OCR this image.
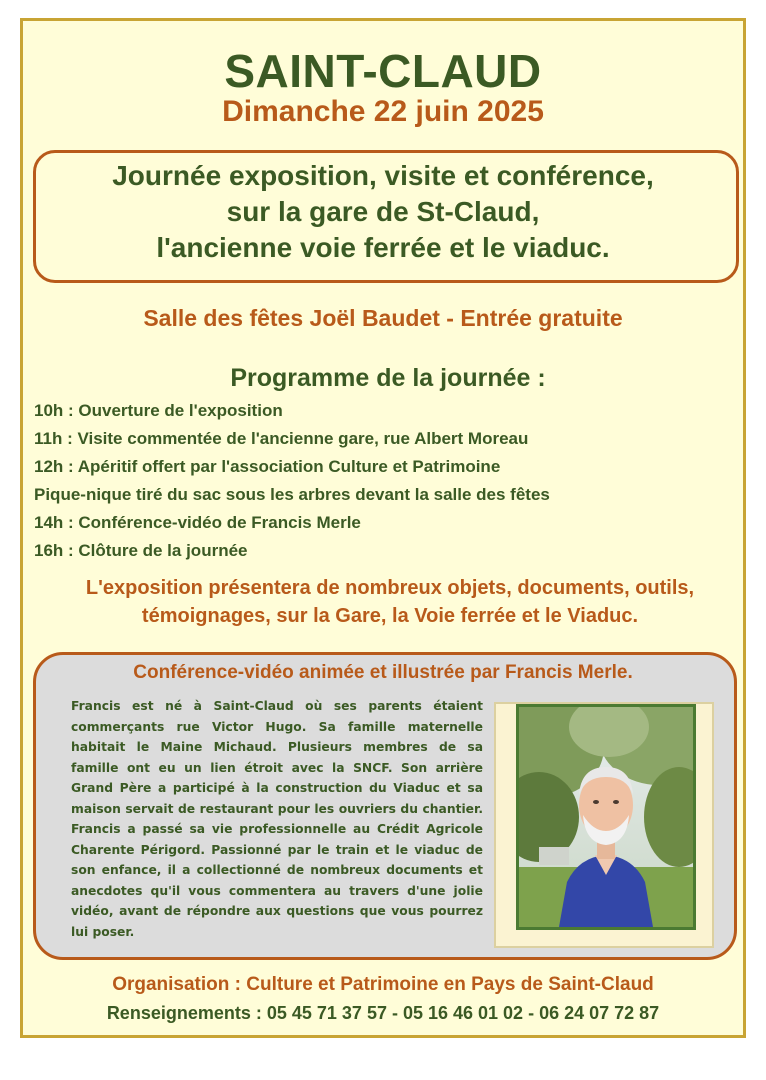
SAINT-CLAUD
Dimanche 22 juin 2025
Journée exposition, visite et conférence,
sur la gare de St-Claud,
l'ancienne voie ferrée et le viaduc.
Salle des fêtes Joël Baudet - Entrée gratuite
Programme de la journée :
10h : Ouverture de l'exposition
11h : Visite commentée de l'ancienne gare, rue Albert Moreau
12h : Apéritif offert par l'association Culture et Patrimoine
Pique-nique tiré du sac sous les arbres devant la salle des fêtes
14h : Conférence-vidéo de Francis Merle
16h : Clôture de la journée
L'exposition présentera de nombreux objets, documents, outils,
témoignages, sur la Gare, la Voie ferrée et le Viaduc.
Conférence-vidéo animée et illustrée par Francis Merle.
Francis est né à Saint-Claud où ses parents étaient commerçants rue Victor Hugo. Sa famille maternelle habitait le Maine Michaud. Plusieurs membres de sa famille ont eu un lien étroit avec la SNCF. Son arrière Grand Père a participé à la construction du Viaduc et sa maison servait de restaurant pour les ouvriers du chantier. Francis a passé sa vie professionnelle au Crédit Agricole Charente Périgord. Passionné par le train et le viaduc de son enfance, il a collectionné de nombreux documents et anecdotes qu'il vous commentera au travers d'une jolie vidéo, avant de répondre aux questions que vous pourrez lui poser.
Organisation : Culture et Patrimoine en Pays de Saint-Claud
Renseignements : 05 45 71 37 57 - 05 16 46 01 02 - 06 24 07 72 87
